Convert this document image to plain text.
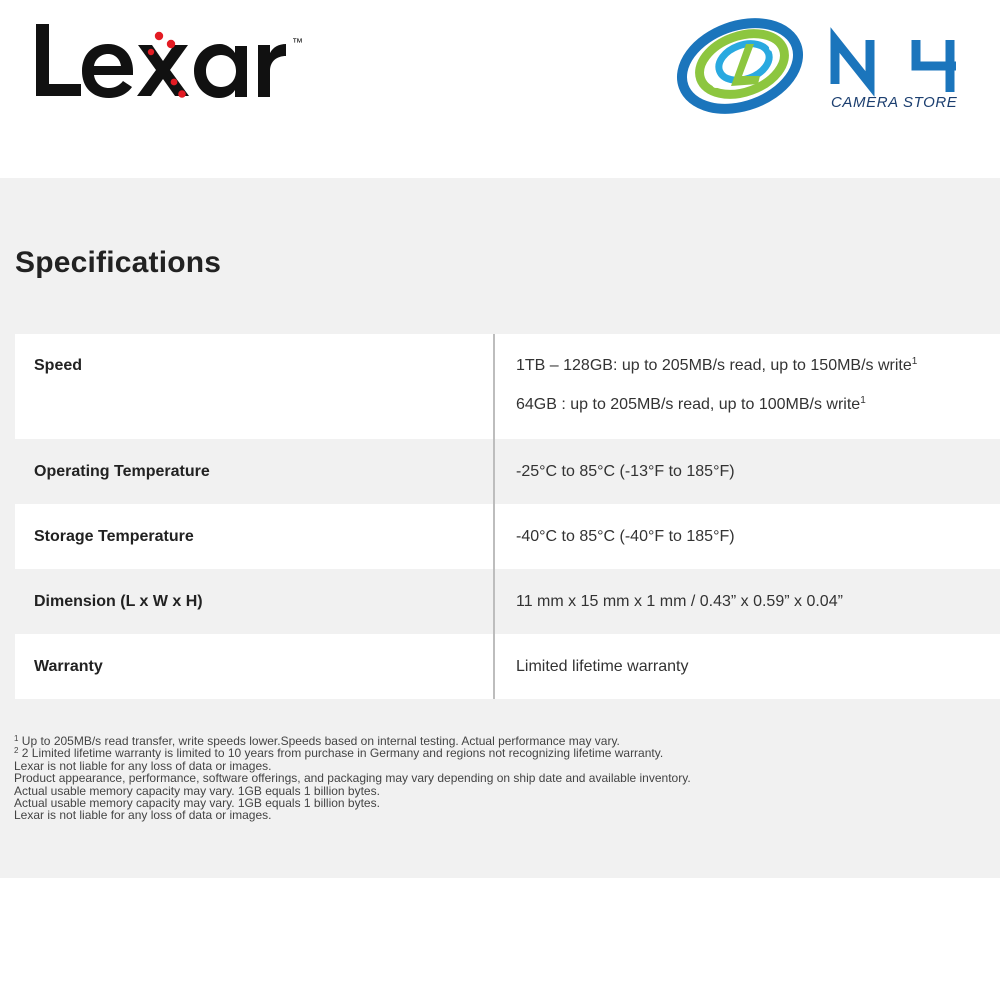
™
CAMERA STORE
Specifications
Speed	1TB – 128GB: up to 205MB/s read, up to 150MB/s write$^1$
64GB : up to 205MB/s read, up to 100MB/s write$^1$
Operating Temperature	-25°C to 85°C (-13°F to 185°F)
Storage Temperature	-40°C to 85°C (-40°F to 185°F)
Dimension (L x W x H)	11 mm x 15 mm x 1 mm / 0.43” x 0.59” x 0.04”
Warranty	Limited lifetime warranty
$^1$ Up to 205MB/s read transfer, write speeds lower.Speeds based on internal testing. Actual performance may vary.
$^2$ 2 Limited lifetime warranty is limited to 10 years from purchase in Germany and regions not recognizing lifetime warranty.
Lexar is not liable for any loss of data or images.
Product appearance, performance, software offerings, and packaging may vary depending on ship date and available inventory.
Actual usable memory capacity may vary. 1GB equals 1 billion bytes.
Actual usable memory capacity may vary. 1GB equals 1 billion bytes.
Lexar is not liable for any loss of data or images.
